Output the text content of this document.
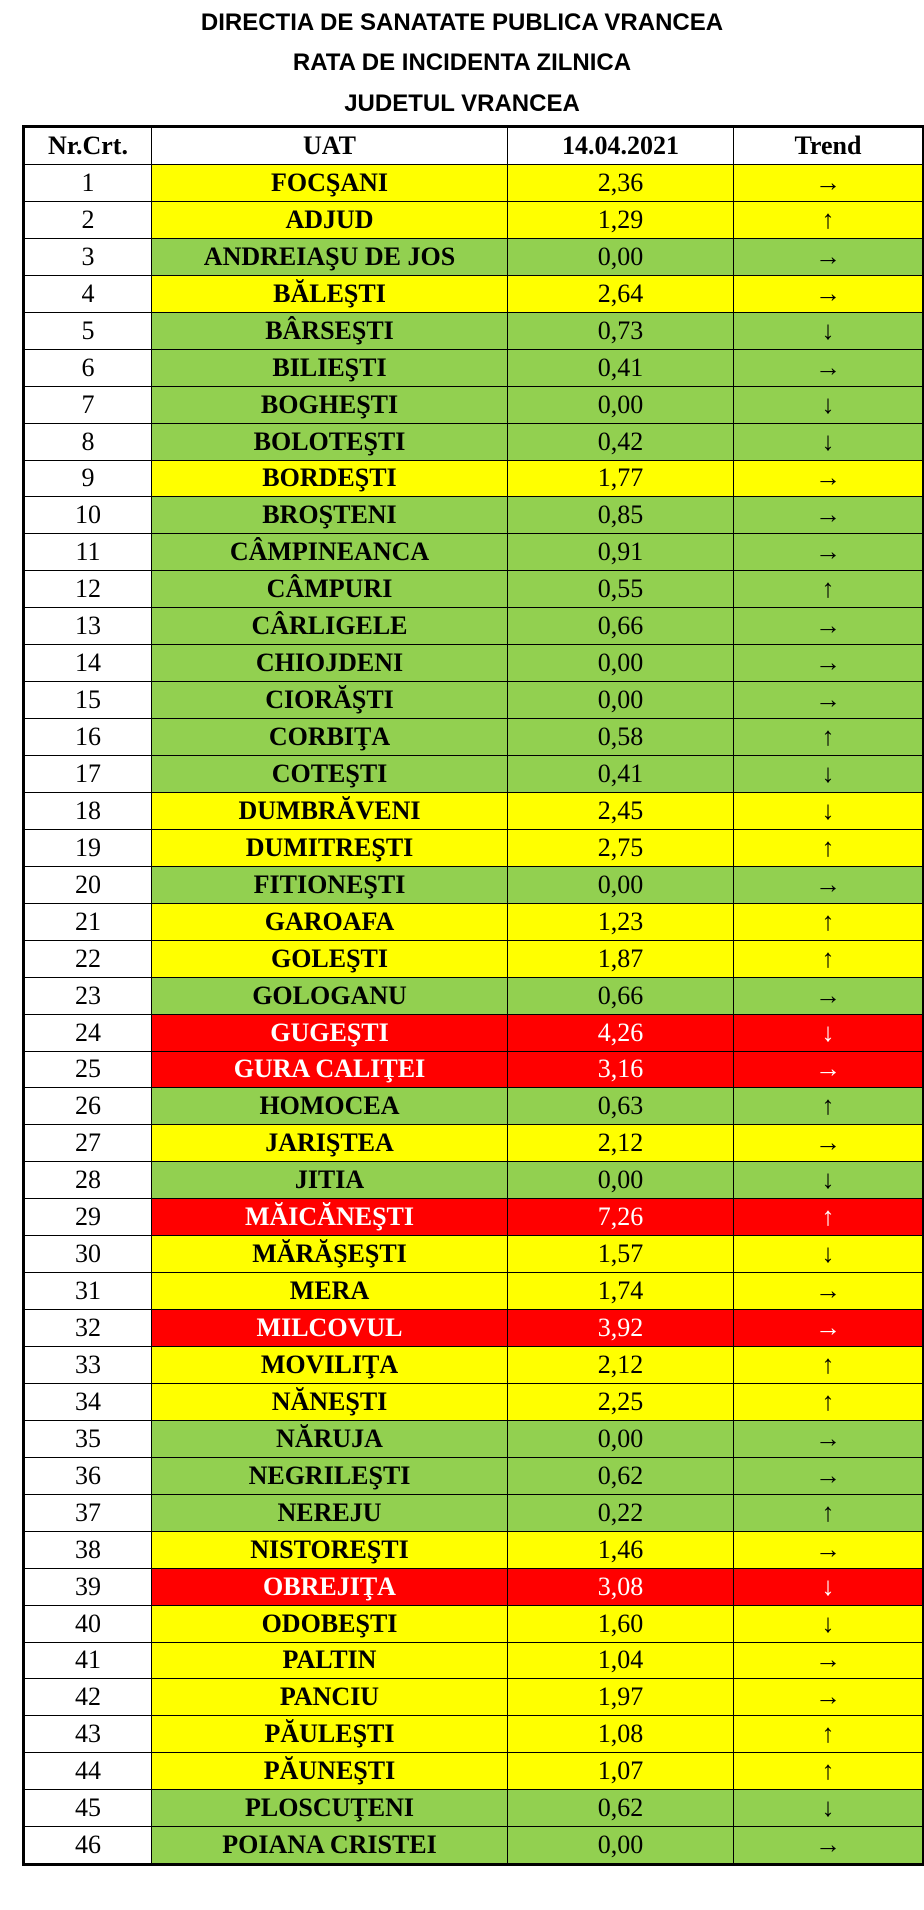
DIRECTIA DE SANATATE PUBLICA VRANCEA
RATA DE INCIDENTA ZILNICA
JUDETUL VRANCEA
Nr.Crt.	UAT	14.04.2021	Trend
1	FOCŞANI	2,36	→
2	ADJUD	1,29	↑
3	ANDREIAŞU DE JOS	0,00	→
4	BĂLEŞTI	2,64	→
5	BÂRSEŞTI	0,73	↓
6	BILIEŞTI	0,41	→
7	BOGHEŞTI	0,00	↓
8	BOLOTEŞTI	0,42	↓
9	BORDEŞTI	1,77	→
10	BROŞTENI	0,85	→
11	CÂMPINEANCA	0,91	→
12	CÂMPURI	0,55	↑
13	CÂRLIGELE	0,66	→
14	CHIOJDENI	0,00	→
15	CIORĂŞTI	0,00	→
16	CORBIŢA	0,58	↑
17	COTEŞTI	0,41	↓
18	DUMBRĂVENI	2,45	↓
19	DUMITREŞTI	2,75	↑
20	FITIONEŞTI	0,00	→
21	GAROAFA	1,23	↑
22	GOLEŞTI	1,87	↑
23	GOLOGANU	0,66	→
24	GUGEŞTI	4,26	↓
25	GURA CALIŢEI	3,16	→
26	HOMOCEA	0,63	↑
27	JARIŞTEA	2,12	→
28	JITIA	0,00	↓
29	MĂICĂNEŞTI	7,26	↑
30	MĂRĂŞEŞTI	1,57	↓
31	MERA	1,74	→
32	MILCOVUL	3,92	→
33	MOVILIŢA	2,12	↑
34	NĂNEŞTI	2,25	↑
35	NĂRUJA	0,00	→
36	NEGRILEŞTI	0,62	→
37	NEREJU	0,22	↑
38	NISTOREŞTI	1,46	→
39	OBREJIŢA	3,08	↓
40	ODOBEŞTI	1,60	↓
41	PALTIN	1,04	→
42	PANCIU	1,97	→
43	PĂULEŞTI	1,08	↑
44	PĂUNEŞTI	1,07	↑
45	PLOSCUŢENI	0,62	↓
46	POIANA CRISTEI	0,00	→
